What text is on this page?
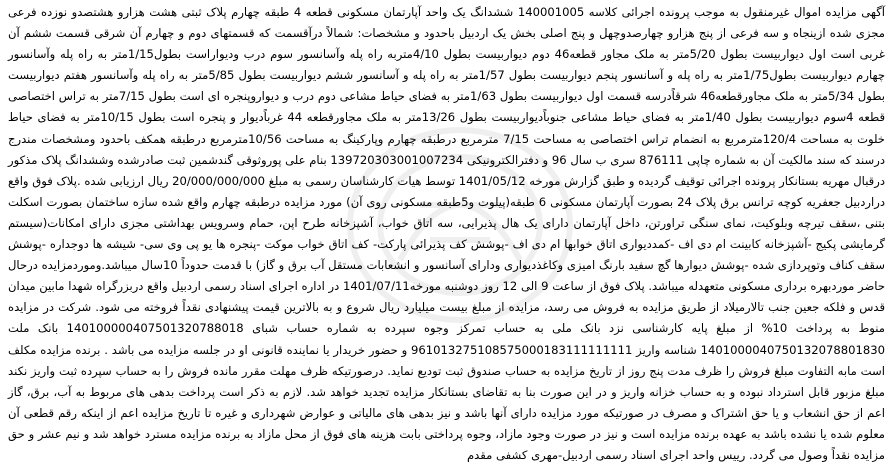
آگهی مزایده اموال غیرمنقول به موجب پرونده اجرائی کلاسه 140001005 ششدانگ یک واحد آپارتمان مسکونی قطعه 4 طبقه چهارم پلاک ثبتی هشت هزارو هشتصدو نوزده فرعی مجزی شده ازینجاه و سه فرعی از پنج هزارو چهارصدوچهل و پنج اصلی بخش یک اردبیل باحدود و مشخصات: شمالاً درآقسمت که قسمتهای دوم و چهارم آن شرقی قسمت ششم آن غربی است اول دیواربیست بطول 5/20متر به ملک مجاور قطعه46 دوم دیواربیست بطول 4/10متربه راه پله وآسانسور سوم درب ودیواراست بطول1/15متر به راه پله وآسانسور چهارم دیواربیست بطول1/75متر به راه پله و آسانسور پنجم دیواربیست بطول 1/57متر به راه پله و آسانسور ششم دیواربیست بطول 5/85متر به راه پله وآسانسور هفتم دیواربیست بطول 5/34متر به ملک مجاورقطعه46 شرقاًدرسه قسمت اول دیواربیست بطول 1/63متر به فضای حیاط مشاعی دوم درب و دیواروپنجره ای است بطول 7/15متر به تراس اختصاصی قطعه 4سوم دیواربیست بطول 1/40متر به فضای حیاط مشاعی جنوباًدیواربیست بطول 13/26متر به ملک مجاورقطعه 44 غرباًدیوار و پنجره است بطول 10/15متر به فضای حیاط خلوت به مساحت 120/4مترمربع به انضمام تراس اختصاصی به مساحت 7/15 مترمربع درطبقه چهارم وپارکینگ به مساحت 10/56مترمربع درطبقه همکف باحدود ومشخصات مندرج درسند که سند مالکیت آن به شماره چاپی 876111 سری ب سال 96 و دفترالکترونیکی 139720303001007234 بنام علی پوروثوقی گندشمین ثبت صادرشده وششدانگ پلاک مذکور درقبال مهریه بستانکار پرونده اجرائی توقیف گردیده و طبق گزارش مورخه 1401/05/12 توسط هیات کارشناسان رسمی به مبلغ 20/000/000/000 ریال ارزیابی شده .پلاک فوق واقع دراردبیل جعفریه کوچه ترانس برق پلاک 24 بصورت آپارتمان مسکونی 6 طبقه(پیلوت و5طبقه مسکونی روی آن) مورد مزایده درطبقه چهارم واقع شده سازه ساختمان بصورت اسکلت بتنی ،سقف تیرچه وبلوکیت، نمای سنگی تراورتن، داخل آپارتمان دارای یک هال پذیرایی، سه اتاق خواب، آشپزخانه طرح اپن، حمام وسرویس بهداشتی مجزی دارای امکانات(سیستم گرمایشی پکیج -آشپزخانه کابینت ام دی اف -کمددیواری اتاق خوابها ام دی اف -پوشش کف پذیرائی پارکت- کف اتاق خواب موکت -پنجره ها یو پی وی سی- شیشه ها دوجداره -پوشش سقف کناف وتوپردازی شده -پوشش دیوارها گچ سفید بارنگ امیزی وکاغذدیواری ودارای آسانسور و انشعابات مستقل آب برق و گاز) با قدمت حدوداً 10سال میباشد.وموردمزایده درحال حاضر موردبهره برداری مسکونی متعهدله میباشد. پلاک فوق از ساعت 9 الی 12 روز دوشنبه مورخه1401/07/11 در اداره اجرای اسناد رسمی اردبیل واقع دربزرگراه شهدا مابین میدان قدس و فلکه جعین جنب تالارمیلاد از طریق مزایده به فروش می رسد، مزایده از مبلغ بیست میلیارد ریال شروع و به بالاترین قیمت پیشنهادی نقداً فروخته می شود. شرکت در مزایده منوط به پرداخت 10% از مبلغ پایه کارشناسی نزد بانک ملی به حساب تمرکز وجوه سپرده به شماره حساب شبای 140100000407501320788018 بانک ملت 1401000040750132078801830 شناسه واریز 961013275108575000183111111111 و حضور خریدار یا نماینده قانونی او در جلسه مزایده می باشد . برنده مزایده مکلف است مابه التفاوت مبلغ فروش را ظرف مدت پنج روز از تاریخ مزایده به حساب صندوق ثبت تودیع نماید. درصورتیکه ظرف مهلت مقرر مانده فروش را به حساب سپرده ثبت واریز نکند مبلغ مزبور قابل استرداد نبوده و به حساب خزانه واریز و در این صورت بنا به تقاضای بستانکار مزایده تجدید خواهد شد. لازم به ذکر است پرداخت بدهی های مربوط به آب، برق، گاز اعم از حق انشعاب و یا حق اشتراک و مصرف در صورتیکه مورد مزایده دارای آنها باشد و نیز بدهی های مالیاتی و عوارض شهرداری و غیره تا تاریخ مزایده اعم از اینکه رقم قطعی آن معلوم شده یا نشده باشد به عهده برنده مزایده است و نیز در صورت وجود مازاد، وجوه پرداختی بابت هزینه های فوق از محل مازاد به برنده مزایده مسترد خواهد شد و نیم عشر و حق مزایده نقداً وصول می گردد. رییس واحد اجرای اسناد رسمی اردبیل-مهری کشفی مقدم
